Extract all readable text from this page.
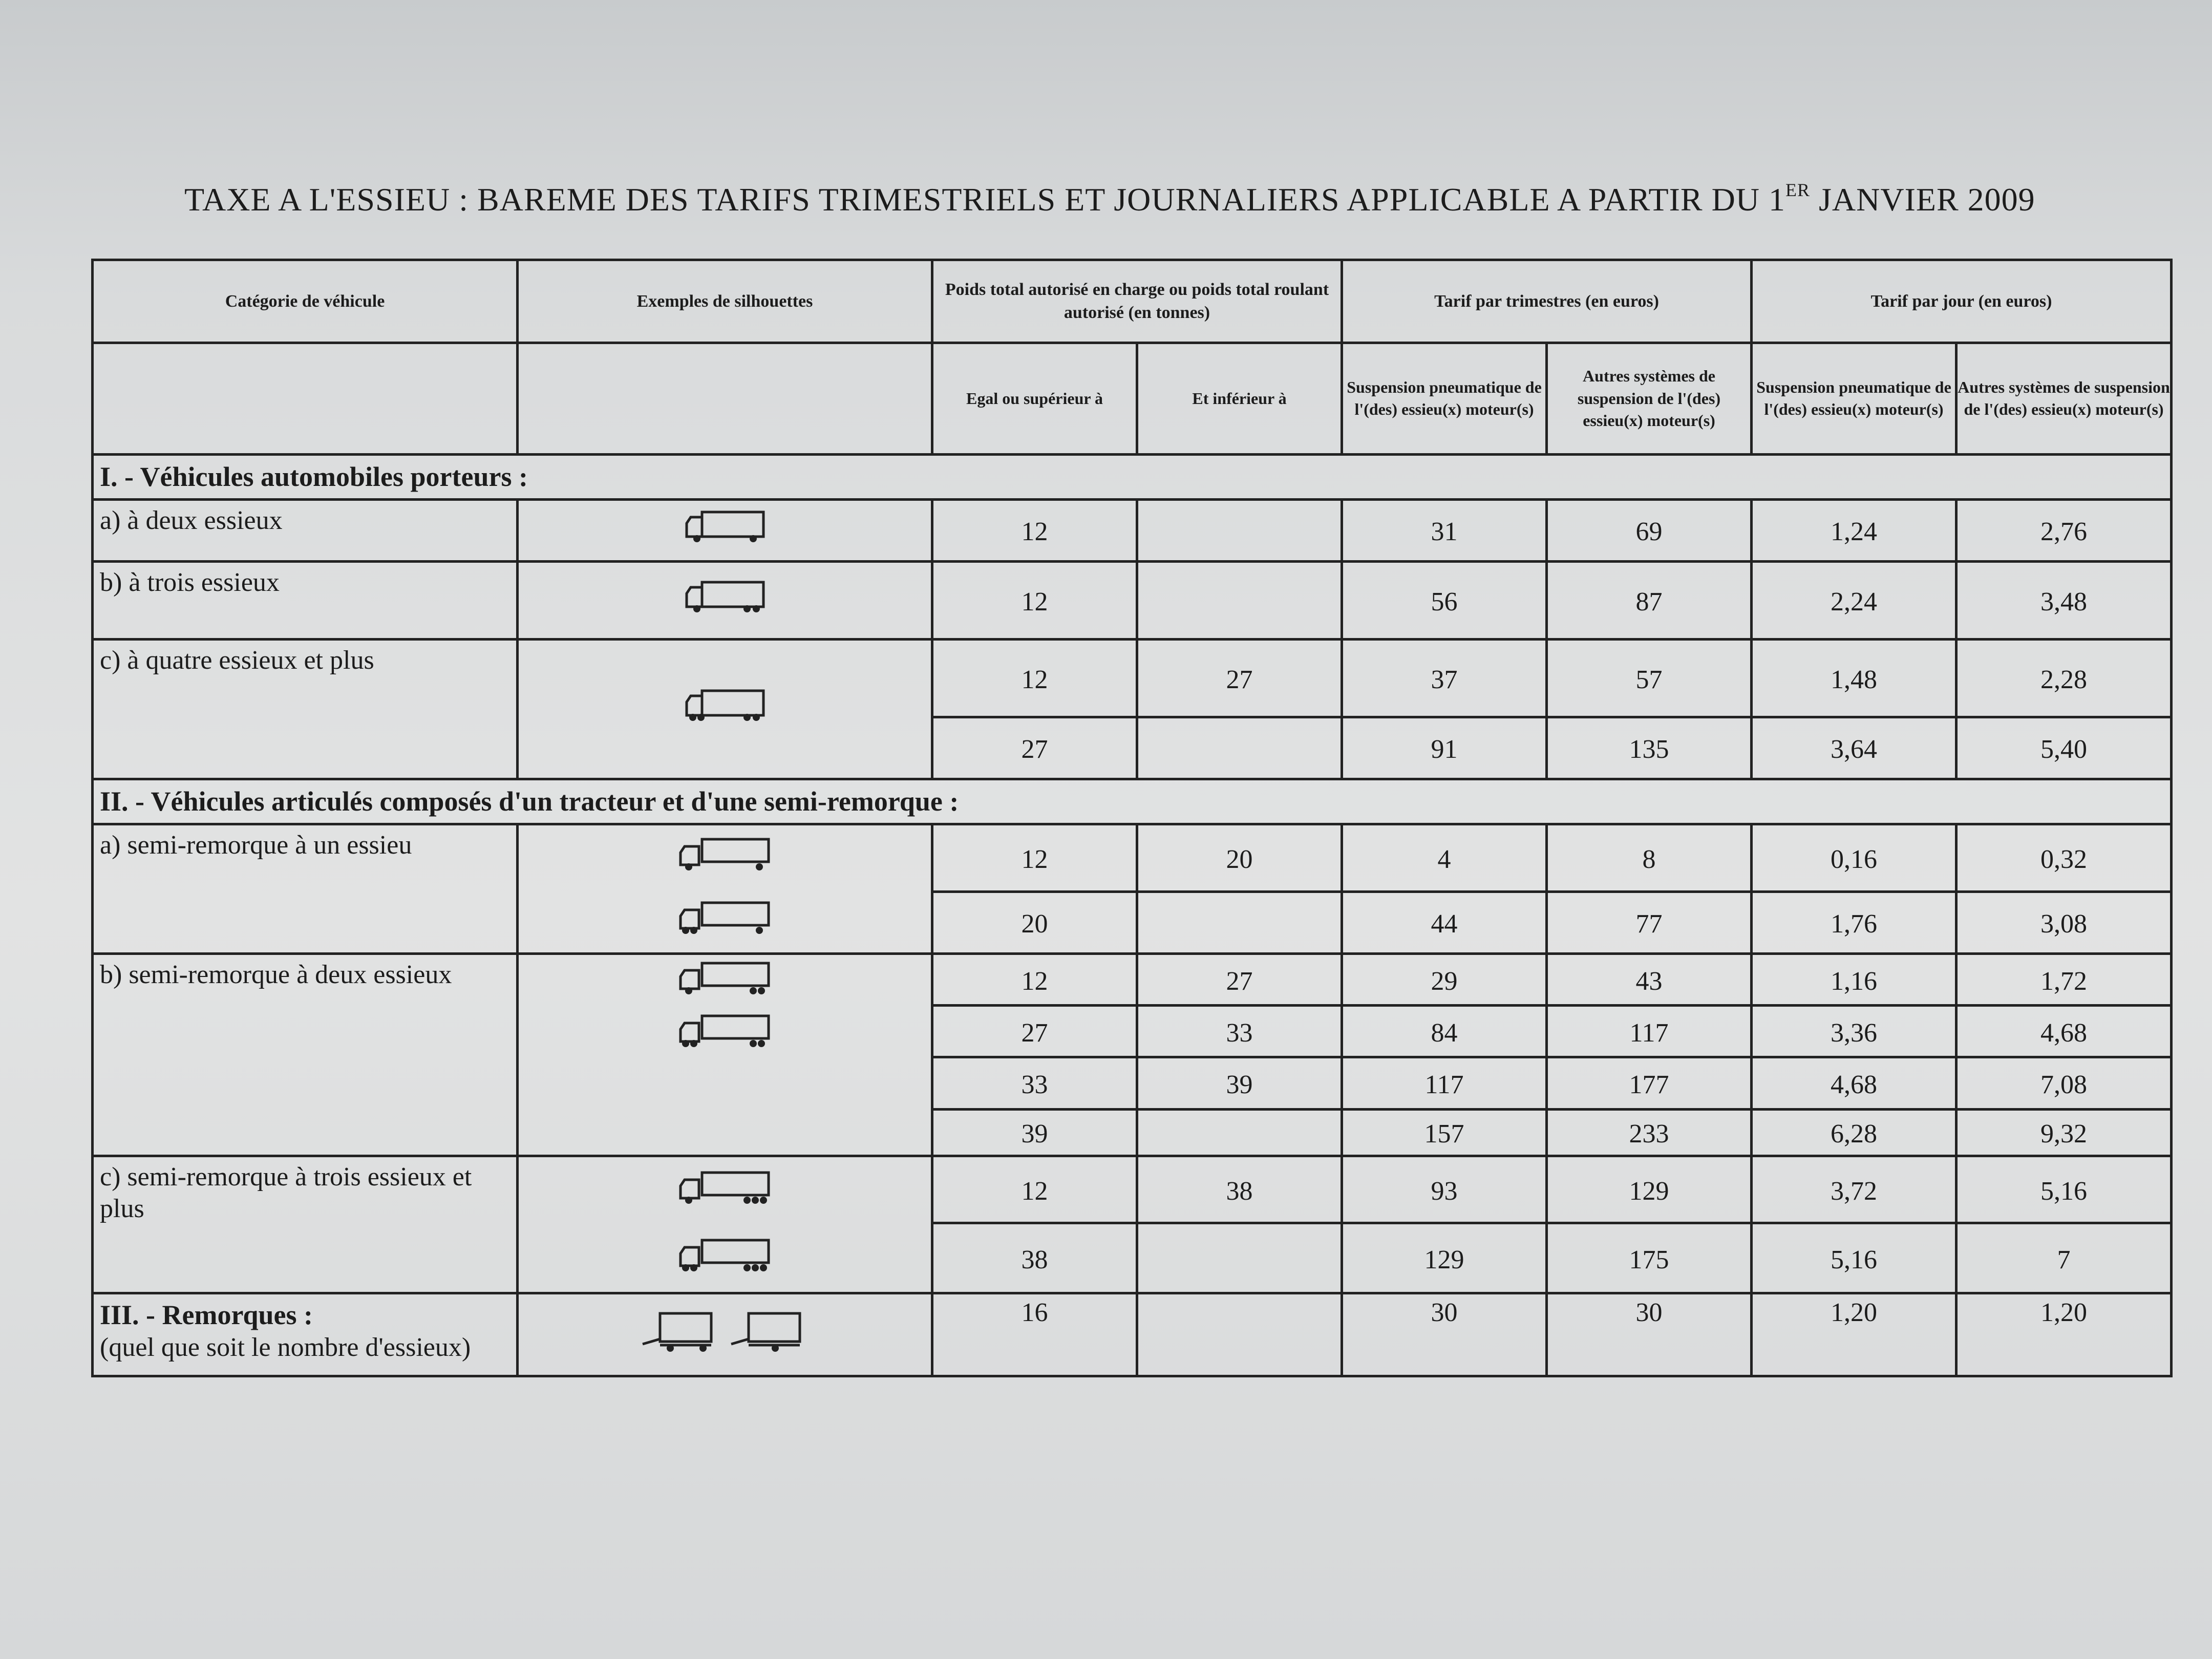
TAXE A L'ESSIEU : BAREME DES TARIFS TRIMESTRIELS ET JOURNALIERS APPLICABLE A PARTIR DU 1ER JANVIER 2009
Catégorie de véhicule	Exemples de silhouettes	Poids total autorisé en charge ou poids total roulant autorisé (en tonnes)		Tarif par trimestres (en euros)		Tarif par jour (en euros)	
		Egal ou supérieur à	Et inférieur à	Suspension pneumatique de l'(des) essieu(x) moteur(s)	Autres systèmes de suspension de l'(des) essieu(x) moteur(s)	Suspension pneumatique de l'(des) essieu(x) moteur(s)	Autres systèmes de suspension de l'(des) essieu(x) moteur(s)
I. - Véhicules automobiles porteurs :							
a) à deux essieux		12		31	69	1,24	2,76
b) à trois essieux		12		56	87	2,24	3,48
c) à quatre essieux et plus		12	27	37	57	1,48	2,28
		27		91	135	3,64	5,40
II. - Véhicules articulés composés d'un tracteur et d'une semi-remorque :							
a) semi-remorque à un essieu		12	20	4	8	0,16	0,32
		20		44	77	1,76	3,08
b) semi-remorque à deux essieux		12	27	29	43	1,16	1,72
		27	33	84	117	3,36	4,68
		33	39	117	177	4,68	7,08
		39		157	233	6,28	9,32
c) semi-remorque à trois essieux et plus		12	38	93	129	3,72	5,16
		38		129	175	5,16	7

III. - Remorques :
(quel que soit le nombre d'essieux)		16		30	30	1,20	1,20
